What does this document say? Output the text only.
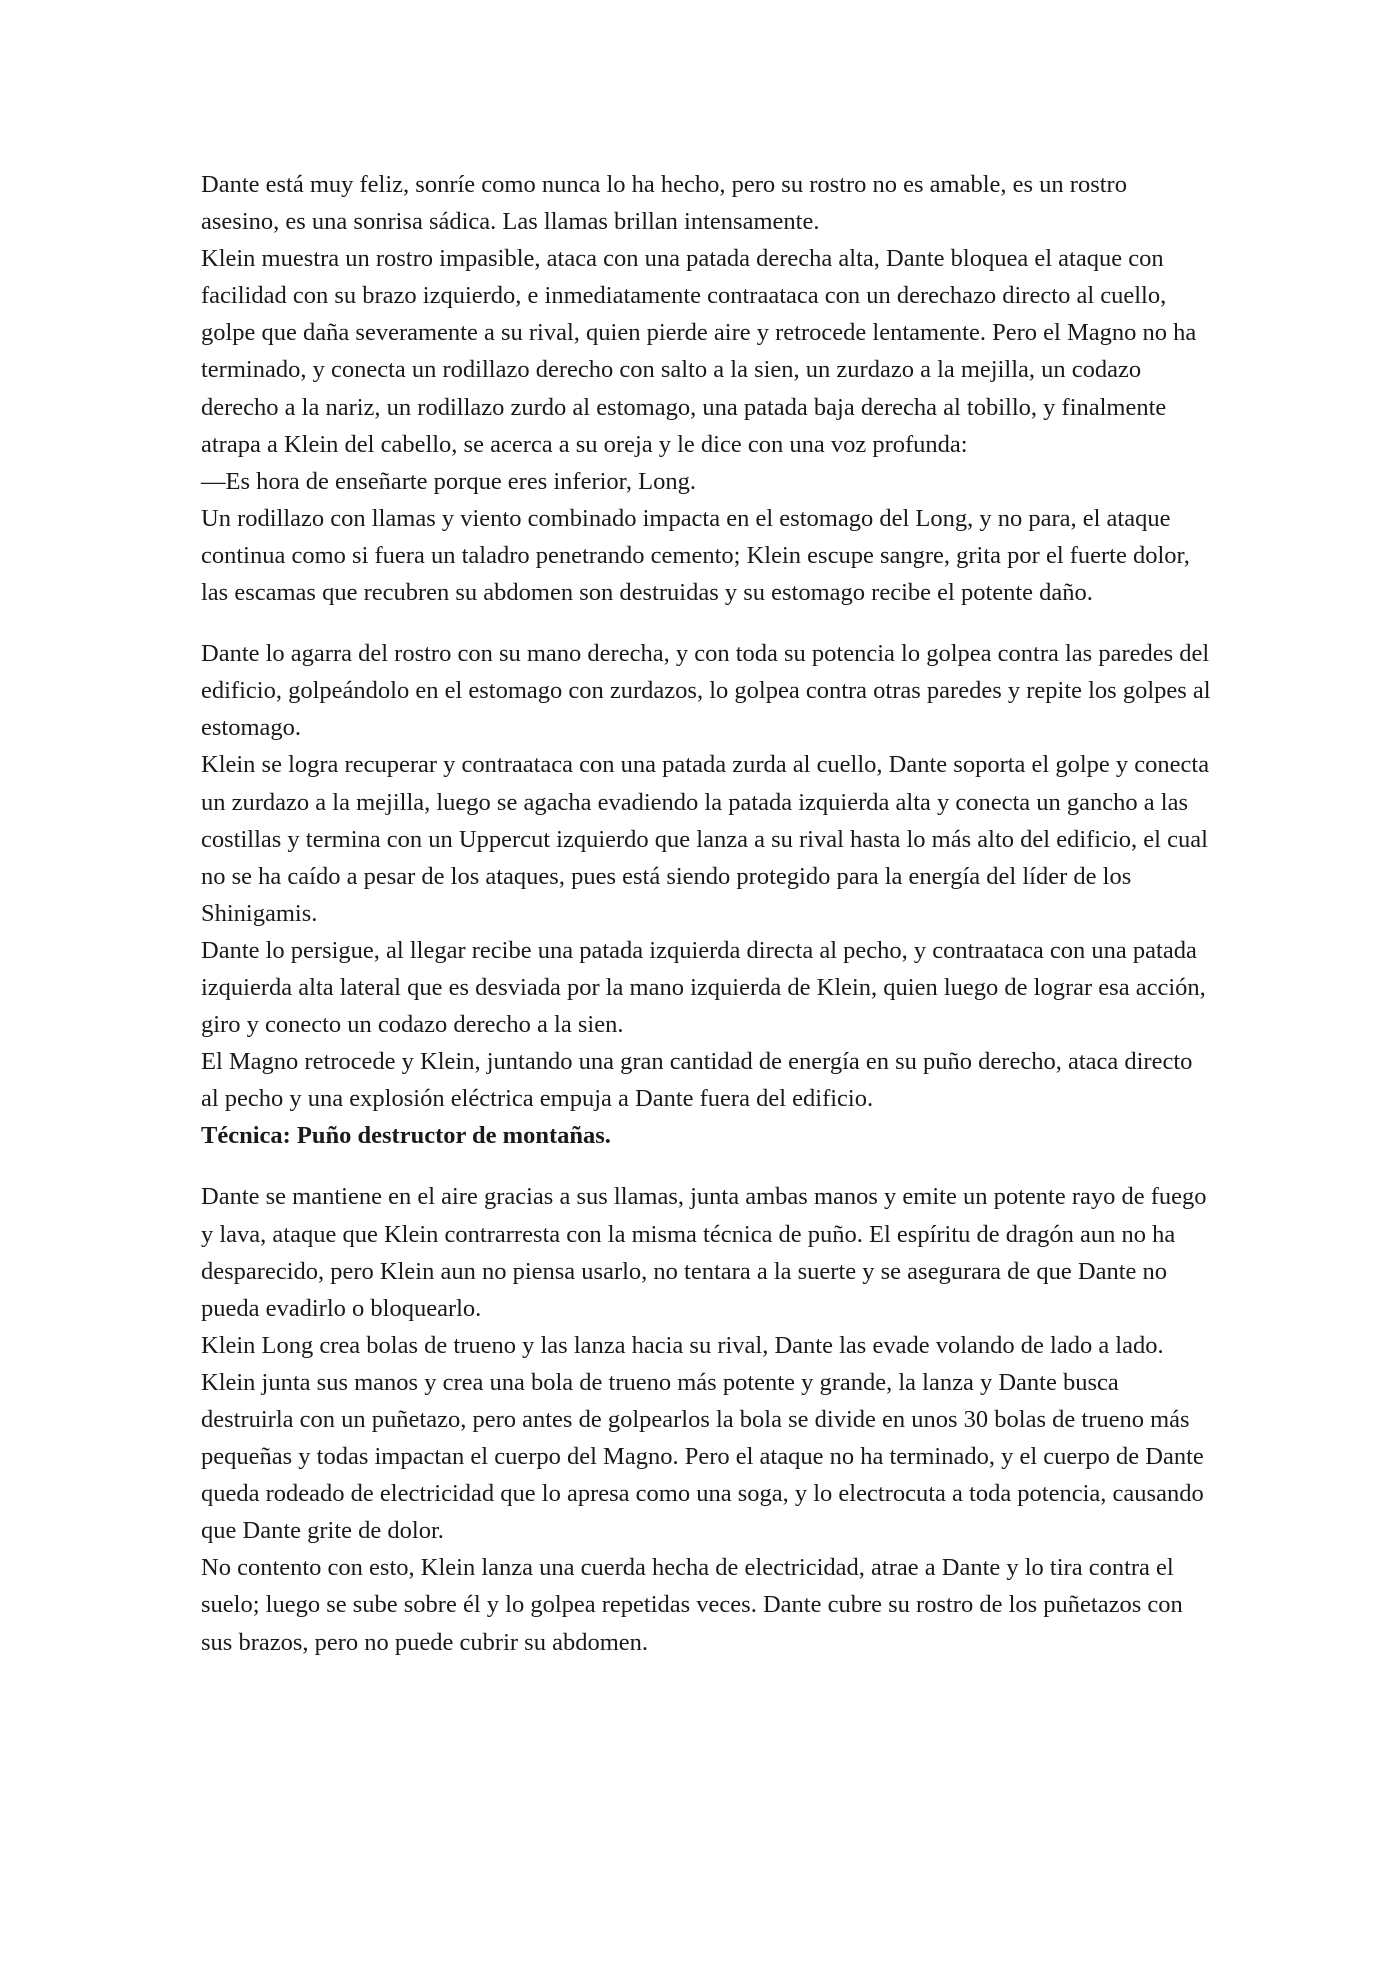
Dante está muy feliz, sonríe como nunca lo ha hecho, pero su rostro no es amable, es un rostro asesino, es una sonrisa sádica. Las llamas brillan intensamente.

Klein muestra un rostro impasible, ataca con una patada derecha alta, Dante bloquea el ataque con facilidad con su brazo izquierdo, e inmediatamente contraataca con un derechazo directo al cuello, golpe que daña severamente a su rival, quien pierde aire y retrocede lentamente. Pero el Magno no ha terminado, y conecta un rodillazo derecho con salto a la sien, un zurdazo a la mejilla, un codazo derecho a la nariz, un rodillazo zurdo al estomago, una patada baja derecha al tobillo, y finalmente atrapa a Klein del cabello, se acerca a su oreja y le dice con una voz profunda:

—Es hora de enseñarte porque eres inferior, Long.

Un rodillazo con llamas y viento combinado impacta en el estomago del Long, y no para, el ataque continua como si fuera un taladro penetrando cemento; Klein escupe sangre, grita por el fuerte dolor, las escamas que recubren su abdomen son destruidas y su estomago recibe el potente daño.

Dante lo agarra del rostro con su mano derecha, y con toda su potencia lo golpea contra las paredes del edificio, golpeándolo en el estomago con zurdazos, lo golpea contra otras paredes y repite los golpes al estomago.

Klein se logra recuperar y contraataca con una patada zurda al cuello, Dante soporta el golpe y conecta un zurdazo a la mejilla, luego se agacha evadiendo la patada izquierda alta y conecta un gancho a las costillas y termina con un Uppercut izquierdo que lanza a su rival hasta lo más alto del edificio, el cual no se ha caído a pesar de los ataques, pues está siendo protegido para la energía del líder de los Shinigamis.

Dante lo persigue, al llegar recibe una patada izquierda directa al pecho, y contraataca con una patada izquierda alta lateral que es desviada por la mano izquierda de Klein, quien luego de lograr esa acción, giro y conecto un codazo derecho a la sien.

El Magno retrocede y Klein, juntando una gran cantidad de energía en su puño derecho, ataca directo al pecho y una explosión eléctrica empuja a Dante fuera del edificio.

Técnica: Puño destructor de montañas.

Dante se mantiene en el aire gracias a sus llamas, junta ambas manos y emite un potente rayo de fuego y lava, ataque que Klein contrarresta con la misma técnica de puño. El espíritu de dragón aun no ha desparecido, pero Klein aun no piensa usarlo, no tentara a la suerte y se asegurara de que Dante no pueda evadirlo o bloquearlo.

Klein Long crea bolas de trueno y las lanza hacia su rival, Dante las evade volando de lado a lado. Klein junta sus manos y crea una bola de trueno más potente y grande, la lanza y Dante busca destruirla con un puñetazo, pero antes de golpearlos la bola se divide en unos 30 bolas de trueno más pequeñas y todas impactan el cuerpo del Magno. Pero el ataque no ha terminado, y el cuerpo de Dante queda rodeado de electricidad que lo apresa como una soga, y lo electrocuta a toda potencia, causando que Dante grite de dolor.

No contento con esto, Klein lanza una cuerda hecha de electricidad, atrae a Dante y lo tira contra el suelo; luego se sube sobre él y lo golpea repetidas veces. Dante cubre su rostro de los puñetazos con sus brazos, pero no puede cubrir su abdomen.
